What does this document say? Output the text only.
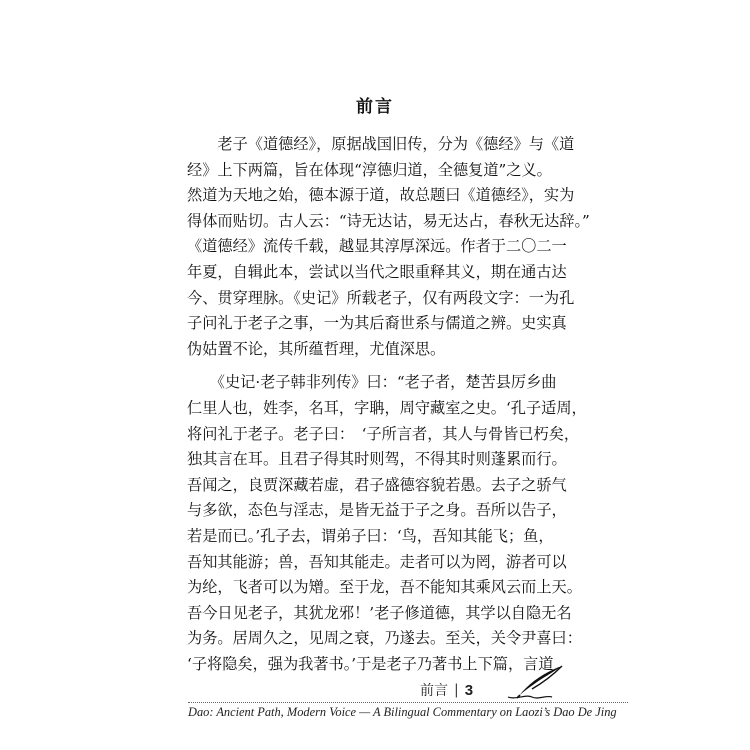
前言
　　老子《道德经》，原据战国旧传，分为《德经》与《道
经》上下两篇，旨在体现“淳德归道，全德复道”之义。
然道为天地之始，德本源于道，故总题曰《道德经》，实为
得体而贴切。古人云：“诗无达诂，易无达占，春秋无达辞。”
《道德经》流传千载，越显其淳厚深远。作者于二〇二一
年夏，自辑此本，尝试以当代之眼重释其义，期在通古达
今、贯穿理脉。《史记》所载老子，仅有两段文字：一为孔
子问礼于老子之事，一为其后裔世系与儒道之辨。史实真
伪姑置不论，其所蕴哲理，尤值深思。
　　《史记·老子韩非列传》曰：“老子者，楚苦县厉乡曲
仁里人也，姓李，名耳，字聃，周守藏室之史。‘孔子适周，
将问礼于老子。老子曰：　‘子所言者，其人与骨皆已朽矣，
独其言在耳。且君子得其时则驾，不得其时则蓬累而行。
吾闻之，良贾深藏若虚，君子盛德容貌若愚。去子之骄气
与多欲，态色与淫志，是皆无益于子之身。吾所以告子，
若是而已。’孔子去，谓弟子曰：‘鸟，吾知其能飞；鱼，
吾知其能游；兽，吾知其能走。走者可以为罔，游者可以
为纶，飞者可以为矰。至于龙，吾不能知其乘风云而上天。
吾今日见老子，其犹龙邪！’老子修道德，其学以自隐无名
为务。居周久之，见周之衰，乃遂去。至关，关令尹喜曰：
‘子将隐矣，强为我著书。’于是老子乃著书上下篇，言道
前言 | 3
Dao: Ancient Path, Modern Voice — A Bilingual Commentary on Laozi’s Dao De Jing
